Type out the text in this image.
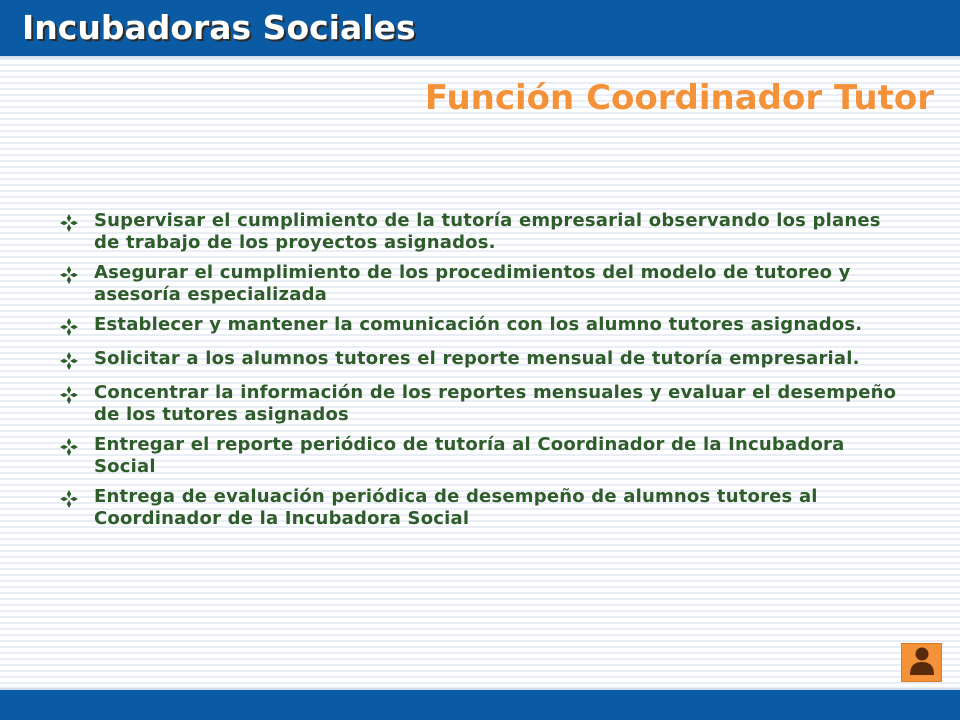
Incubadoras Sociales
Función Coordinador Tutor
Supervisar el cumplimiento de la tutoría empresarial observando los planes de trabajo de los proyectos asignados.
Asegurar el cumplimiento de los procedimientos del modelo de tutoreo y asesoría especializada
Establecer y mantener la comunicación con los alumno tutores asignados.
Solicitar a los alumnos tutores el reporte mensual de tutoría empresarial.
Concentrar la información de los reportes mensuales y evaluar el desempeño de los tutores asignados
Entregar el reporte periódico de tutoría al Coordinador de la Incubadora Social
Entrega de evaluación periódica de desempeño de alumnos tutores al Coordinador de la Incubadora Social
